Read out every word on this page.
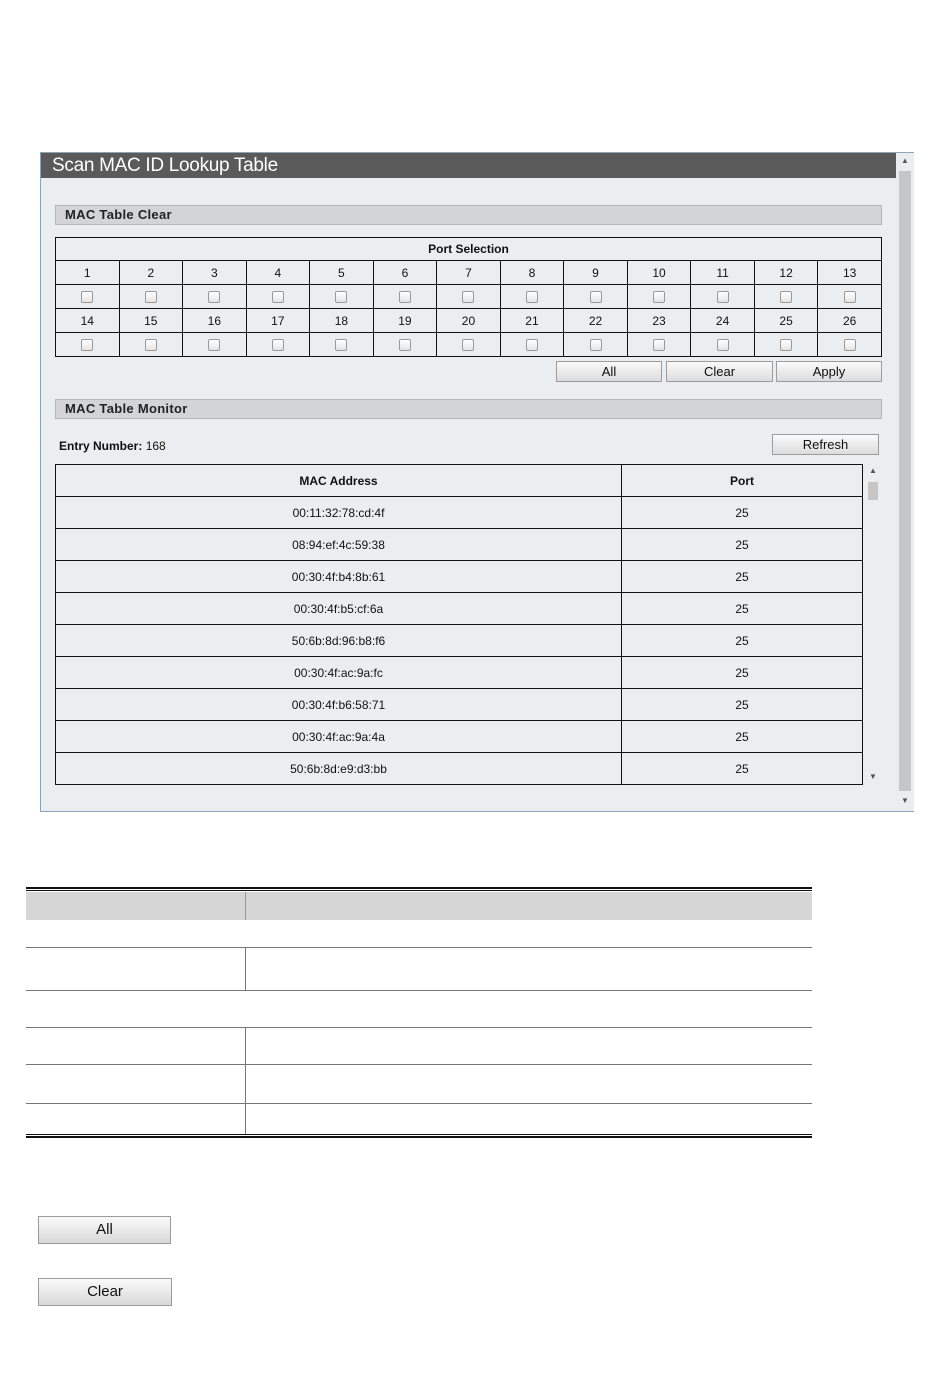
Scan MAC ID Lookup Table	▲
▼
MAC Table Clear
Port Selection												
1	2	3	4	5	6	7	8	9	10	11	12	13

14	15	16	17	18	19	20	21	22	23	24	25	26

All	Clear	Apply
MAC Table Monitor
Entry Number: 168	Refresh
MAC Address	Port
00:11:32:78:cd:4f	25
08:94:ef:4c:59:38	25
00:30:4f:b4:8b:61	25
00:30:4f:b5:cf:6a	25
50:6b:8d:96:b8:f6	25
00:30:4f:ac:9a:fc	25
00:30:4f:b6:58:71	25
00:30:4f:ac:9a:4a	25
50:6b:8d:e9:d3:bb	25
▲
▼
All
Clear
